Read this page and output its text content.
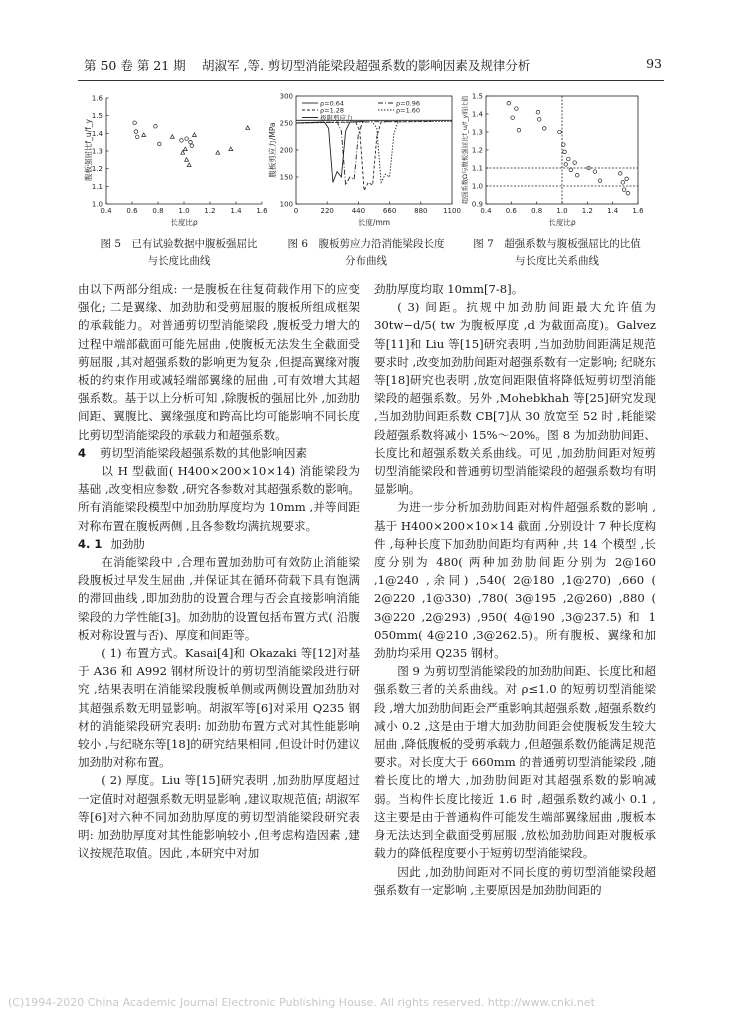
第 50 卷 第 21 期 胡淑军 ,等. 剪切型消能梁段超强系数的影响因素及规律分析	93
0.4 0.6 0.8 1.0 1.2 1.4 1.6
1.0
1.1
1.2
1.3
1.4
1.5
1.6
长度比ρ
腹板强屈比f_u/f_y
0	220	440	660	880 1100
100
150
200
250
300
ρ=0.64
ρ=1.28
ρ=0.96
ρ=1.60
极限剪应力
长度/mm
腹板剪应力/MPa
0.4 0.6 0.8 1.0 1.2 1.4 1.6
0.9
1.0
1.1
1.2
1.3
1.4
1.5
长度比ρ
超强系数Ω与腹板强屈比f_u/f_y的比值
图 5　已有试验数据中腹板强屈比
与长度比曲线
图 6　腹板剪应力沿消能梁段长度
分布曲线
图 7　超强系数与腹板强屈比的比值
与长度比关系曲线

由以下两部分组成: 一是腹板在往复荷载作用下的应变强化; 二是翼缘、加劲肋和受剪屈服的腹板所组成框架的承载能力。对普通剪切型消能梁段 ,腹板受力增大的过程中端部截面可能先屈曲 ,使腹板无法发生全截面受剪屈服 ,其对超强系数的影响更为复杂 ,但提高翼缘对腹板的约束作用或减轻端部翼缘的屈曲 ,可有效增大其超强系数。基于以上分析可知 ,除腹板的强屈比外 ,加劲肋间距、翼腹比、翼缘强度和跨高比均可能影响不同长度比剪切型消能梁段的承载力和超强系数。

4 剪切型消能梁段超强系数的其他影响因素

以 H 型截面( H400×200×10×14) 消能梁段为基础 ,改变相应参数 ,研究各参数对其超强系数的影响。所有消能梁段模型中加劲肋厚度均为 10mm ,并等间距对称布置在腹板两侧 ,且各参数均满抗规要求。

4. 1 加劲肋

在消能梁段中 ,合理布置加劲肋可有效防止消能梁段腹板过早发生屈曲 ,并保证其在循环荷载下具有饱满的滞回曲线 ,即加劲肋的设置合理与否会直接影响消能梁段的力学性能[3]。加劲肋的设置包括布置方式( 沿腹板对称设置与否)、厚度和间距等。

( 1) 布置方式。Kasai[4]和 Okazaki 等[12]对基于 A36 和 A992 钢材所设计的剪切型消能梁段进行研究 ,结果表明在消能梁段腹板单侧或两侧设置加劲肋对其超强系数无明显影响。胡淑军等[6]对采用 Q235 钢材的消能梁段研究表明: 加劲肋布置方式对其性能影响较小 ,与纪晓东等[18]的研究结果相同 ,但设计时仍建议加劲肋对称布置。

( 2) 厚度。Liu 等[15]研究表明 ,加劲肋厚度超过一定值时对超强系数无明显影响 ,建议取规范值; 胡淑军等[6]对六种不同加劲肋厚度的剪切型消能梁段研究表明: 加劲肋厚度对其性能影响较小 ,但考虑构造因素 ,建议按规范取值。因此 ,本研究中对加

劲肋厚度均取 10mm[7-8]。

( 3) 间距。抗规中加劲肋间距最大允许值为 30tw−d/5( tw 为腹板厚度 ,d 为截面高度)。Galvez 等[11]和 Liu 等[15]研究表明 ,当加劲肋间距满足规范要求时 ,改变加劲肋间距对超强系数有一定影响; 纪晓东等[18]研究也表明 ,放宽间距限值将降低短剪切型消能梁段的超强系数。另外 ,Mohebkhah 等[25]研究发现 ,当加劲肋间距系数 CB[7]从 30 放宽至 52 时 ,耗能梁段超强系数将减小 15%～20%。图 8 为加劲肋间距、长度比和超强系数关系曲线。可见 ,加劲肋间距对短剪切型消能梁段和普通剪切型消能梁段的超强系数均有明显影响。

为进一步分析加劲肋间距对构件超强系数的影响 ,基于 H400×200×10×14 截面 ,分别设计 7 种长度构件 ,每种长度下加劲肋间距均有两种 ,共 14 个模型 ,长度分别为 480( 两种加劲肋间距分别为 2@160 ,1@240 ,余同) ,540( 2@180 ,1@270) ,660 ( 2@220 ,1@330) ,780( 3@195 ,2@260) ,880 ( 3@220 ,2@293) ,950( 4@190 ,3@237.5) 和 1 050mm( 4@210 ,3@262.5)。所有腹板、翼缘和加劲肋均采用 Q235 钢材。

图 9 为剪切型消能梁段的加劲肋间距、长度比和超强系数三者的关系曲线。对 ρ≤1.0 的短剪切型消能梁段 ,增大加劲肋间距会严重影响其超强系数 ,超强系数约减小 0.2 ,这是由于增大加劲肋间距会使腹板发生较大屈曲 ,降低腹板的受剪承载力 ,但超强系数仍能满足规范要求。对长度大于 660mm 的普通剪切型消能梁段 ,随着长度比的增大 ,加劲肋间距对其超强系数的影响减弱。当构件长度比接近 1.6 时 ,超强系数约减小 0.1 ,这主要是由于普通构件可能发生端部翼缘屈曲 ,腹板本身无法达到全截面受剪屈服 ,放松加劲肋间距对腹板承载力的降低程度要小于短剪切型消能梁段。

因此 ,加劲肋间距对不同长度的剪切型消能梁段超强系数有一定影响 ,主要原因是加劲肋间距的

(C)1994-2020 China Academic Journal Electronic Publishing House. All rights reserved. http://www.cnki.net
